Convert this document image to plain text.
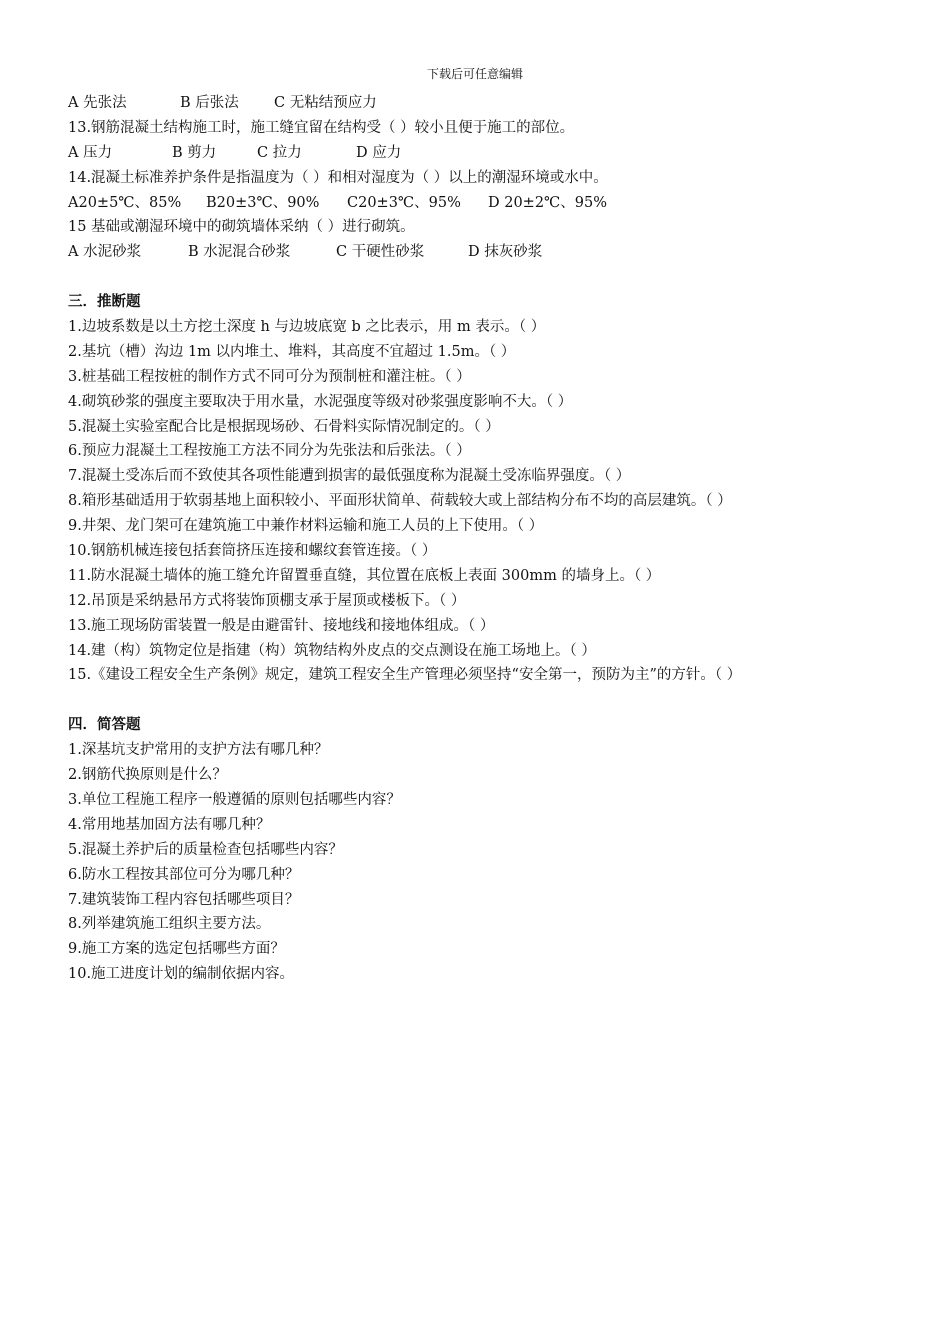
下载后可任意编辑
A 先张法	B 后张法 C 无粘结预应力
13.钢筋混凝土结构施工时，施工缝宜留在结构受（ ）较小且便于施工的部位。
A 压力	B 剪力	C 拉力	D 应力
14.混凝土标准养护条件是指温度为（ ）和相对湿度为（ ）以上的潮湿环境或水中。
A20±5℃、85% B20±3℃、90% C20±3℃、95% D 20±2℃、95%
15 基础或潮湿环境中的砌筑墙体采纳（ ）进行砌筑。
A 水泥砂浆	B 水泥混合砂浆	C 干硬性砂浆	D 抹灰砂浆
三．推断题
1.边坡系数是以土方挖土深度 h 与边坡底宽 b 之比表示，用 m 表示。（ ）
2.基坑（槽）沟边 1m 以内堆土、堆料，其高度不宜超过 1.5m。（ ）
3.桩基础工程按桩的制作方式不同可分为预制桩和灌注桩。（ ）
4.砌筑砂浆的强度主要取决于用水量，水泥强度等级对砂浆强度影响不大。（ ）
5.混凝土实验室配合比是根据现场砂、石骨料实际情况制定的。（ ）
6.预应力混凝土工程按施工方法不同分为先张法和后张法。（ ）
7.混凝土受冻后而不致使其各项性能遭到损害的最低强度称为混凝土受冻临界强度。（ ）
8.箱形基础适用于软弱基地上面积较小、平面形状简单、荷载较大或上部结构分布不均的高层建筑。（ ）
9.井架、龙门架可在建筑施工中兼作材料运输和施工人员的上下使用。（ ）
10.钢筋机械连接包括套筒挤压连接和螺纹套管连接。（ ）
11.防水混凝土墙体的施工缝允许留置垂直缝，其位置在底板上表面 300mm 的墙身上。（ ）
12.吊顶是采纳悬吊方式将装饰顶棚支承于屋顶或楼板下。（ ）
13.施工现场防雷装置一般是由避雷针、接地线和接地体组成。（ ）
14.建（构）筑物定位是指建（构）筑物结构外皮点的交点测设在施工场地上。（ ）
15.《建设工程安全生产条例》规定，建筑工程安全生产管理必须坚持“安全第一，预防为主”的方针。（ ）
四．简答题
1.深基坑支护常用的支护方法有哪几种？
2.钢筋代换原则是什么？
3.单位工程施工程序一般遵循的原则包括哪些内容？
4.常用地基加固方法有哪几种？
5.混凝土养护后的质量检查包括哪些内容？
6.防水工程按其部位可分为哪几种？
7.建筑装饰工程内容包括哪些项目？
8.列举建筑施工组织主要方法。
9.施工方案的选定包括哪些方面？
10.施工进度计划的编制依据内容。
